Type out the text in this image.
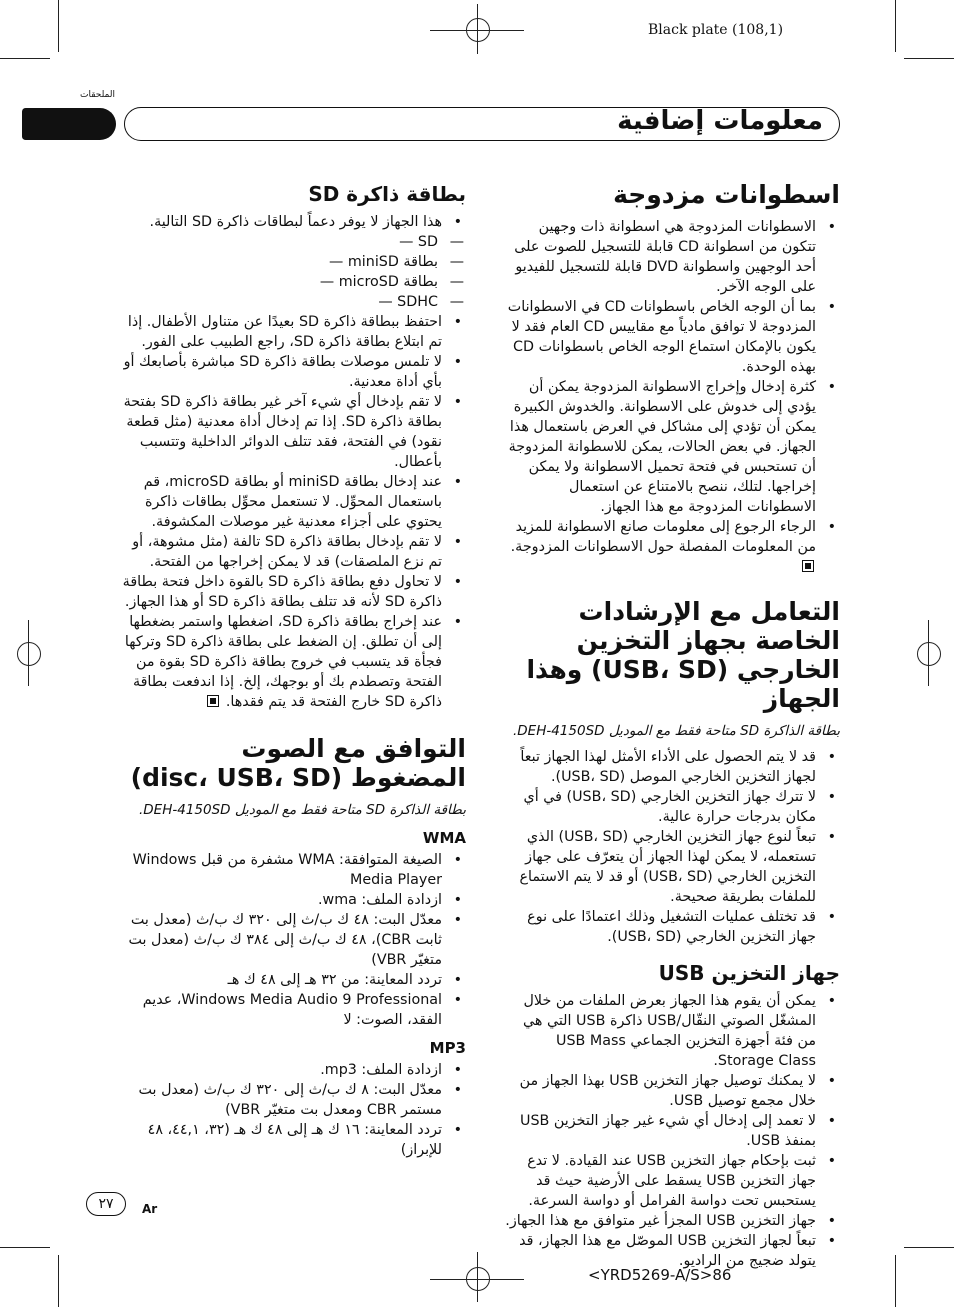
Black plate (108,1)
الملحقات
معلومات إضافية
بطاقة ذاكرة SD
• هذا الجهاز لا يوفر دعماً لبطاقات ذاكرة SD التالية.
— SD —
— بطاقة miniSD —
— بطاقة microSD —
— SDHC —
• احتفظ ببطاقة ذاكرة SD بعيدًا عن متناول الأطفال. إذا تم ابتلاع بطاقة ذاكرة SD، راجع الطبيب على الفور.
• لا تلمس موصلات بطاقة ذاكرة SD مباشرة بأصابعك أو بأي أداة معدنية.
• لا تقم بإدخال أي شيء آخر غير بطاقة ذاكرة SD بفتحة بطاقة ذاكرة SD. إذا تم إدخال أداة معدنية (مثل قطعة نقود) في الفتحة، فقد تتلف الدوائر الداخلية وتتسبب بأعطال.
• عند إدخال بطاقة miniSD أو بطاقة microSD، قم باستعمال المحوِّل. لا تستعمل محوِّل بطاقات ذاكرة يحتوي على أجزاء معدنية غير موصلات المكشوفة.
• لا تقم بإدخال بطاقة ذاكرة SD تالفة (مثل مشوهة، أو تم نزع الملصقات) قد لا يمكن إخراجها من الفتحة.
• لا تحاول دفع بطاقة ذاكرة SD بالقوة داخل فتحة بطاقة ذاكرة SD لأنه قد تتلف بطاقة ذاكرة SD أو هذا الجهاز.
• عند إخراج بطاقة ذاكرة SD، اضغطها واستمر بضغطها إلى أن تطلق. إن الضغط على بطاقة ذاكرة SD وتركها فجأة قد يتسبب في خروج بطاقة ذاكرة SD بقوة من الفتحة وتصطدم بك أو بوجهك، إلخ. إذا اندفعت بطاقة ذاكرة SD خارج الفتحة قد يتم فقدها.
التوافق مع الصوت المضغوط (disc، USB، SD)
بطاقة الذاكرة SD متاحة فقط مع الموديل DEH-4150SD.
WMA
• الصيغة المتوافقة: WMA مشفرة من قبل Windows Media Player
• ازدادة الملف: wma.
• معدّل البت: ٤٨ ك ب/ث إلى ٣٢٠ ك ب/ث (معدل بت ثابت CBR)، ٤٨ ك ب/ث إلى ٣٨٤ ك ب/ث (معدل بت متغيّر VBR)
• تردد المعاينة: من ٣٢ هـ إلى ٤٨ ك هـ
• Windows Media Audio 9 Professional، عديم الفقد، الصوت: لا
MP3
• ازدادة الملف: mp3.
• معدّل البت: ٨ ك ب/ث إلى ٣٢٠ ك ب/ث (معدل بت مستمر CBR ومعدل بت متغيّر VBR)
• تردد المعاينة: ١٦ ك هـ إلى ٤٨ ك هـ (٣٢، ٤٤,١، ٤٨ للإبراز)
اسطوانات مزدوجة
• الاسطوانات المزدوجة هي اسطوانة ذات وجهين تتكون من اسطوانة CD قابلة للتسجيل للصوت على أحد الوجهين واسطوانة DVD قابلة للتسجيل للفيديو على الوجه الآخر.
• بما أن الوجه الخاص باسطوانات CD في الاسطوانات المزدوجة لا توافق مادياً مع مقاييس CD العام فقد لا يكون بالإمكان استماع الوجه الخاص باسطوانات CD بهذه الوحدة.
• كثرة إدخال وإخراج الاسطوانة المزدوجة يمكن أن يؤدي إلى خدوش على الاسطوانة. والخدوش الكبيرة يمكن أن تؤدي إلى مشاكل في العرض باستعمال هذا الجهاز. في بعض الحالات، يمكن للاسطوانة المزدوجة أن تستحبس في فتحة تحميل الاسطوانة ولا يمكن إخراجها. لتلك، ننصح بالامتناع عن استعمال الاسطوانات المزدوجة مع هذا الجهاز.
• الرجاء الرجوع إلى معلومات صانع الاسطوانة للمزيد من المعلومات المفصلة حول الاسطوانات المزدوجة.
التعامل مع الإرشادات الخاصة بجهاز التخزين الخارجي (USB، SD) وهذا الجهاز
بطاقة الذاكرة SD متاحة فقط مع الموديل DEH-4150SD.
• قد لا يتم الحصول على الأداء الأمثل لهذا الجهاز تبعاً لجهاز التخزين الخارجي الموصل (USB، SD).
• لا تترك جهاز التخزين الخارجي (USB، SD) في أي مكان بدرجات حرارة عالية.
• تبعاً لنوع جهاز التخزين الخارجي (USB، SD) الذي تستعمله، لا يمكن لهذا الجهاز أن يتعرّف على جهاز التخزين الخارجي (USB، SD) أو قد لا يتم الاستماع للملفات بطريقة صحيحة.
• قد تختلف عمليات التشغيل وذلك اعتمادًا على نوع جهاز التخزين الخارجي (USB، SD).
جهاز التخزين USB
• يمكن أن يقوم هذا الجهاز بعرض الملفات من خلال المشغّل الصوتي النقّال/USB ذاكرة USB التي هي من فئة أجهزة التخزين الجماعي USB Mass Storage Class.
• لا يمكنك توصيل جهاز التخزين USB بهذا الجهاز من خلال مجمع توصيل USB.
• لا تعمد إلى إدخال أي شيء غير جهاز التخزين USB بمنفذ USB.
• ثبت بإحكام جهاز التخزين USB عند القيادة. لا تدع جهاز التخزين USB يسقط على الأرضية حيث قد يستحبس تحت دواسة الفرامل أو دواسة السرعة.
• جهاز التخزين USB المجزأ غير متوافق مع هذا الجهاز.
• تبعاً لجهاز التخزين USB الموصّل مع هذا الجهاز، قد يتولد ضجيج من الراديو.
٢٧	Ar
<YRD5269-A/S>86
